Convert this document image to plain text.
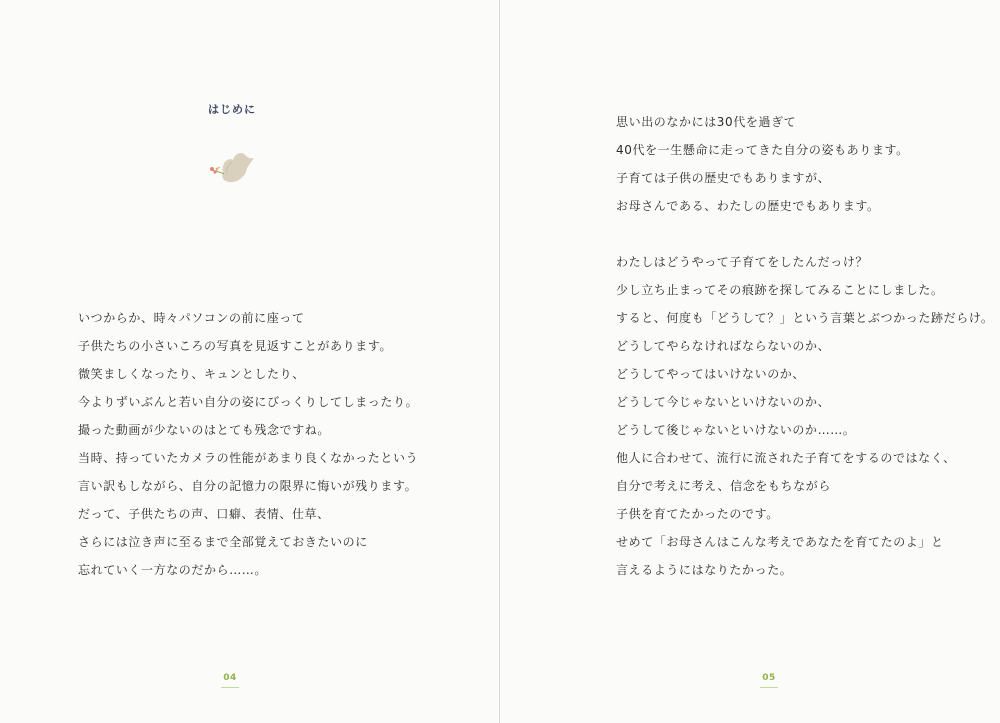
はじめに
いつからか、時々パソコンの前に座って
子供たちの小さいころの写真を見返すことがあります。
微笑ましくなったり、キュンとしたり、
今よりずいぶんと若い自分の姿にびっくりしてしまったり。
撮った動画が少ないのはとても残念ですね。
当時、持っていたカメラの性能があまり良くなかったという
言い訳もしながら、自分の記憶力の限界に悔いが残ります。
だって、子供たちの声、口癖、表情、仕草、
さらには泣き声に至るまで全部覚えておきたいのに
忘れていく一方なのだから……。
04
思い出のなかには30代を過ぎて
40代を一生懸命に走ってきた自分の姿もあります。
子育ては子供の歴史でもありますが、
お母さんである、わたしの歴史でもあります。
わたしはどうやって子育てをしたんだっけ？
少し立ち止まってその痕跡を探してみることにしました。
すると、何度も「どうして？」という言葉とぶつかった跡だらけ。
どうしてやらなければならないのか、
どうしてやってはいけないのか、
どうして今じゃないといけないのか、
どうして後じゃないといけないのか……。
他人に合わせて、流行に流された子育てをするのではなく、
自分で考えに考え、信念をもちながら
子供を育てたかったのです。
せめて「お母さんはこんな考えであなたを育てたのよ」と
言えるようにはなりたかった。
05
